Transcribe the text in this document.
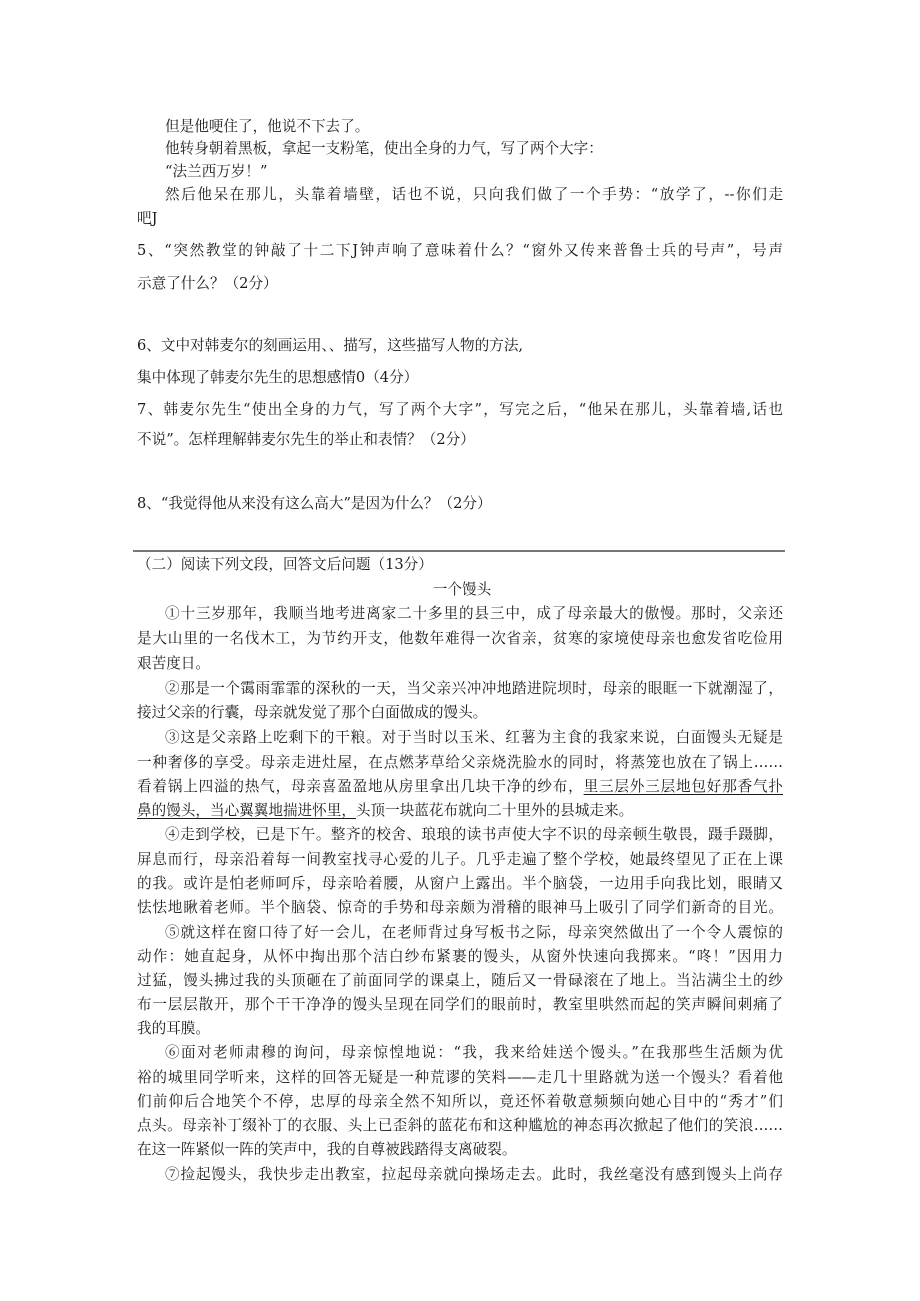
但是他哽住了，他说不下去了。
他转身朝着黑板，拿起一支粉笔，使出全身的力气，写了两个大字：
“法兰西万岁！”
然后他呆在那儿，头靠着墙壁，话也不说，只向我们做了一个手势：“放学了，--你们走
吧J
5、“突然教堂的钟敲了十二下J钟声响了意味着什么？“窗外又传来普鲁士兵的号声”，号声
示意了什么？（2分）
6、文中对韩麦尔的刻画运用、、描写，这些描写人物的方法,
集中体现了韩麦尔先生的思想感情0（4分）
7、韩麦尔先生“使出全身的力气，写了两个大字”，写完之后，“他呆在那儿，头靠着墙,话也
不说”。怎样理解韩麦尔先生的举止和表情？（2分）
8、“我觉得他从来没有这么高大”是因为什么？（2分）
（二）阅读下列文段，回答文后问题（13分）
一个馒头
①十三岁那年，我顺当地考进离家二十多里的县三中，成了母亲最大的傲慢。那时，父亲还
是大山里的一名伐木工，为节约开支，他数年难得一次省亲，贫寒的家境使母亲也愈发省吃俭用
艰苦度日。
②那是一个霭雨霏霏的深秋的一天，当父亲兴冲冲地踏进院坝时，母亲的眼眶一下就潮湿了，
接过父亲的行囊，母亲就发觉了那个白面做成的馒头。
③这是父亲路上吃剩下的干粮。对于当时以玉米、红薯为主食的我家来说，白面馒头无疑是
一种奢侈的享受。母亲走进灶屋，在点燃茅草给父亲烧洗脸水的同时，将蒸笼也放在了锅上……
看着锅上四溢的热气，母亲喜盈盈地从房里拿出几块干净的纱布，里三层外三层地包好那香气扑
鼻的馒头，当心翼翼地揣进怀里，头顶一块蓝花布就向二十里外的县城走来。
④走到学校，已是下午。整齐的校舍、琅琅的读书声使大字不识的母亲顿生敬畏，蹑手蹑脚，
屏息而行，母亲沿着每一间教室找寻心爱的儿子。几乎走遍了整个学校，她最终望见了正在上课
的我。或许是怕老师呵斥，母亲哈着腰，从窗户上露出。半个脑袋，一边用手向我比划，眼睛又
怯怯地瞅着老师。半个脑袋、惊奇的手势和母亲颇为滑稽的眼神马上吸引了同学们新奇的目光。
⑤就这样在窗口待了好一会儿，在老师背过身写板书之际，母亲突然做出了一个令人震惊的
动作：她直起身，从怀中掏出那个洁白纱布紧裹的馒头，从窗外快速向我掷来。“咚！”因用力
过猛，馒头拂过我的头顶砸在了前面同学的课桌上，随后又一骨碌滚在了地上。当沾满尘土的纱
布一层层散开，那个干干净净的馒头呈现在同学们的眼前时，教室里哄然而起的笑声瞬间刺痛了
我的耳膜。
⑥面对老师肃穆的询问，母亲惊惶地说：“我，我来给娃送个馒头。”在我那些生活颇为优
裕的城里同学听来，这样的回答无疑是一种荒谬的笑料——走几十里路就为送一个馒头？看着他
们前仰后合地笑个不停，忠厚的母亲全然不知所以，竟还怀着敬意频频向她心目中的“秀才”们
点头。母亲补丁缀补丁的衣服、头上已歪斜的蓝花布和这种尴尬的神态再次掀起了他们的笑浪……
在这一阵紧似一阵的笑声中，我的自尊被践踏得支离破裂。
⑦捡起馒头，我快步走出教室，拉起母亲就向操场走去。此时，我丝毫没有感到馒头上尚存
